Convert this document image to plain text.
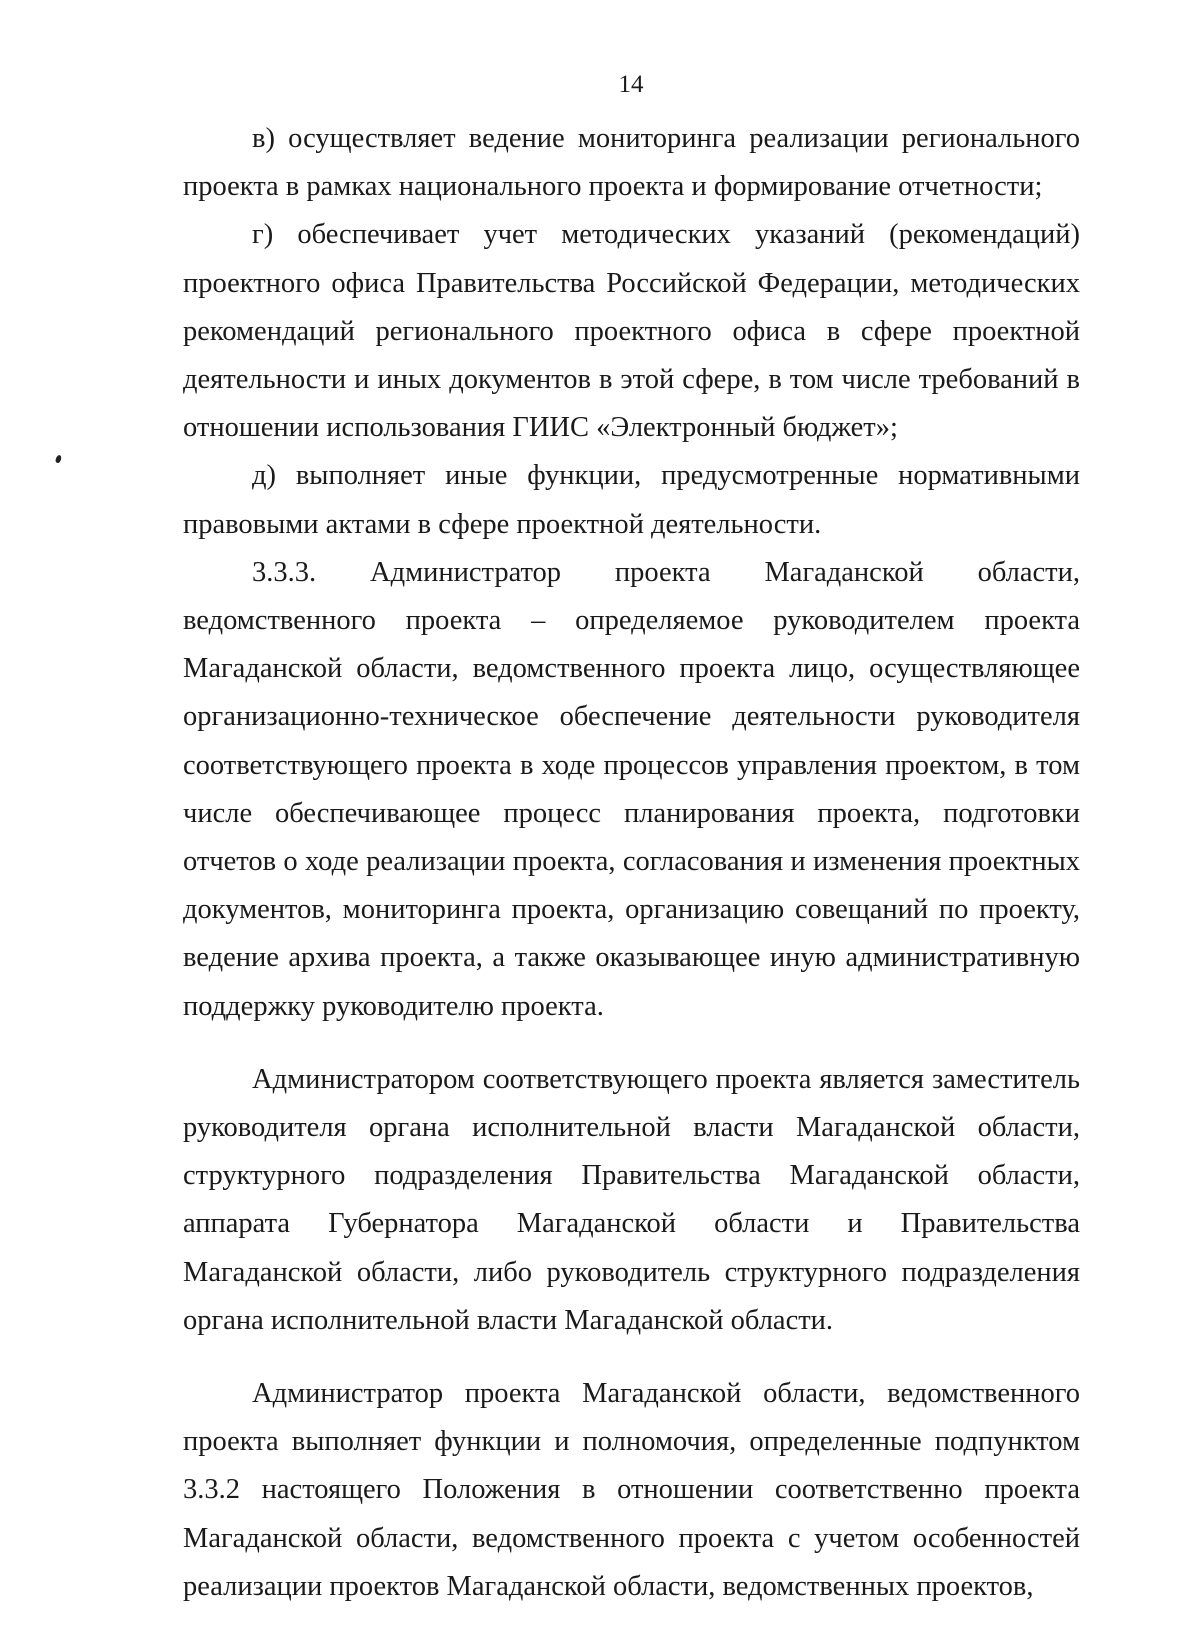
14

в) осуществляет ведение мониторинга реализации регионального проекта в рамках национального проекта и формирование отчетности;

г) обеспечивает учет методических указаний (рекомендаций) проектного офиса Правительства Российской Федерации, методических рекомендаций регионального проектного офиса в сфере проектной деятельности и иных документов в этой сфере, в том числе требований в отношении использования ГИИС «Электронный бюджет»;

д) выполняет иные функции, предусмотренные нормативными правовыми актами в сфере проектной деятельности.

3.3.3. Администратор проекта Магаданской области, ведомственного проекта – определяемое руководителем проекта Магаданской области, ведомственного проекта лицо, осуществляющее организационно-техническое обеспечение деятельности руководителя соответствующего проекта в ходе процессов управления проектом, в том числе обеспечивающее процесс планирования проекта, подготовки отчетов о ходе реализации проекта, согласования и изменения проектных документов, мониторинга проекта, организацию совещаний по проекту, ведение архива проекта, а также оказывающее иную административную поддержку руководителю проекта.

Администратором соответствующего проекта является заместитель руководителя органа исполнительной власти Магаданской области, структурного подразделения Правительства Магаданской области, аппарата Губернатора Магаданской области и Правительства Магаданской области, либо руководитель структурного подразделения органа исполнительной власти Магаданской области.

Администратор проекта Магаданской области, ведомственного проекта выполняет функции и полномочия, определенные подпунктом 3.3.2 настоящего Положения в отношении соответственно проекта Магаданской области, ведомственного проекта с учетом особенностей реализации проектов Магаданской области, ведомственных проектов,
